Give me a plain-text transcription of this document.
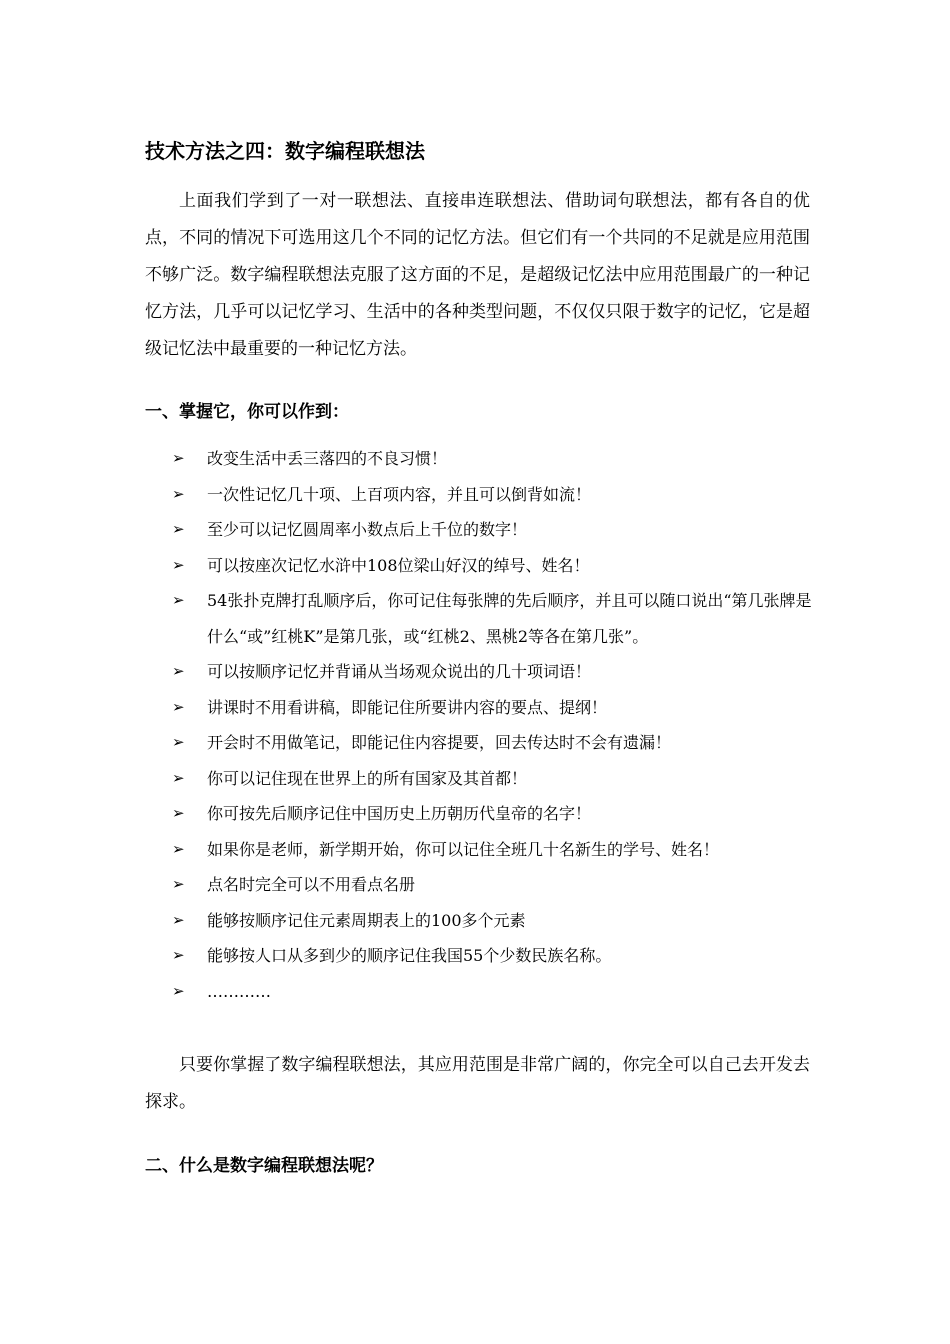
技术方法之四：数字编程联想法

上面我们学到了一对一联想法、直接串连联想法、借助词句联想法，都有各自的优点，不同的情况下可选用这几个不同的记忆方法。但它们有一个共同的不足就是应用范围不够广泛。数字编程联想法克服了这方面的不足，是超级记忆法中应用范围最广的一种记忆方法，几乎可以记忆学习、生活中的各种类型问题，不仅仅只限于数字的记忆，它是超级记忆法中最重要的一种记忆方法。

一、掌握它，你可以作到：
➢	改变生活中丢三落四的不良习惯！
➢	一次性记忆几十项、上百项内容，并且可以倒背如流！
➢	至少可以记忆圆周率小数点后上千位的数字！
➢	可以按座次记忆水浒中108位梁山好汉的绰号、姓名！
➢	54张扑克牌打乱顺序后，你可记住每张牌的先后顺序，并且可以随口说出“第几张牌是什么“或”红桃K”是第几张，或“红桃2、黑桃2等各在第几张”。
➢	可以按顺序记忆并背诵从当场观众说出的几十项词语！
➢	讲课时不用看讲稿，即能记住所要讲内容的要点、提纲！
➢	开会时不用做笔记，即能记住内容提要，回去传达时不会有遗漏！
➢	你可以记住现在世界上的所有国家及其首都！
➢	你可按先后顺序记住中国历史上历朝历代皇帝的名字！
➢	如果你是老师，新学期开始，你可以记住全班几十名新生的学号、姓名！
➢	点名时完全可以不用看点名册
➢	能够按顺序记住元素周期表上的100多个元素
➢	能够按人口从多到少的顺序记住我国55个少数民族名称。
➢	…………

只要你掌握了数字编程联想法，其应用范围是非常广阔的，你完全可以自己去开发去探求。

二、什么是数字编程联想法呢？
